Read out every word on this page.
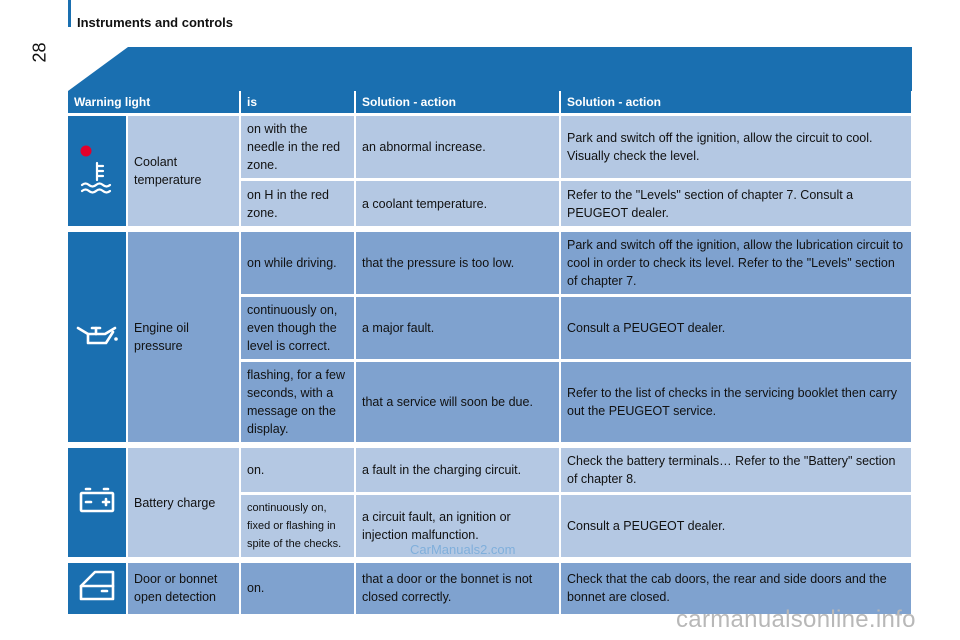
Instruments and controls
28
Warning light		is	Solution - action	Solution - action
	Coolant temperature	on with the needle in the red zone.	an abnormal increase.	Park and switch off the ignition, allow the circuit to cool. Visually check the level.
		on H in the red zone.	a coolant temperature.	Refer to the "Levels" section of chapter 7. Consult a PEUGEOT dealer.

	Engine oil pressure	on while driving.	that the pressure is too low.	Park and switch off the ignition, allow the lubrication circuit to cool in order to check its level. Refer to the "Levels" section of chapter 7.
		continuously on, even though the level is correct.	a major fault.	Consult a PEUGEOT dealer.
		flashing, for a few seconds, with a message on the display.	that a service will soon be due.	Refer to the list of checks in the servicing booklet then carry out the PEUGEOT service.

	Battery charge	on.	a fault in the charging circuit.	Check the battery terminals… Refer to the "Battery" section of chapter 8.
		continuously on, fixed or flashing in spite of the checks.	a circuit fault, an ignition or injection malfunction.	Consult a PEUGEOT dealer.

	Door or bonnet open detection	on.	that a door or the bonnet is not closed correctly.	Check that the cab doors, the rear and side doors and the bonnet are closed.
CarManuals2.com
carmanualsonline.info
